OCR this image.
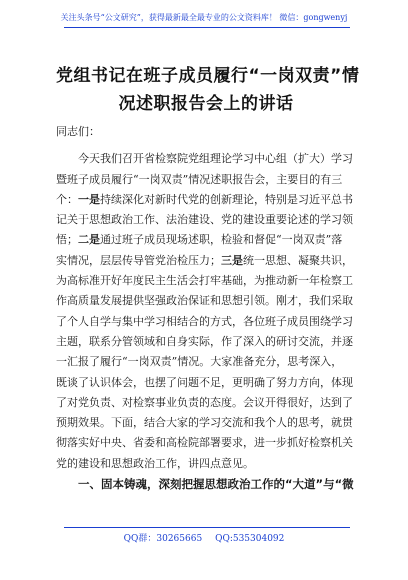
关注头条号“公文研究”，获得最新最全最专业的公文资料库！ 微信：gongwenyj
党组书记在班子成员履行“一岗双责”情
况述职报告会上的讲话
同志们：
今天我们召开省检察院党组理论学习中心组（扩大）学习
暨班子成员履行“一岗双责”情况述职报告会，主要目的有三
个：一是持续深化对新时代党的创新理论，特别是习近平总书
记关于思想政治工作、法治建设、党的建设重要论述的学习领
悟；二是通过班子成员现场述职，检验和督促“一岗双责”落
实情况，层层传导管党治检压力；三是统一思想、凝聚共识，
为高标准开好年度民主生活会打牢基础，为推动新一年检察工
作高质量发展提供坚强政治保证和思想引领。刚才，我们采取
了个人自学与集中学习相结合的方式，各位班子成员围绕学习
主题，联系分管领域和自身实际，作了深入的研讨交流，并逐
一汇报了履行“一岗双责”情况。大家准备充分，思考深入，
既谈了认识体会，也摆了问题不足，更明确了努力方向，体现
了对党负责、对检察事业负责的态度。会议开得很好，达到了
预期效果。下面，结合大家的学习交流和我个人的思考，就贯
彻落实好中央、省委和高检院部署要求，进一步抓好检察机关
党的建设和思想政治工作，讲四点意见。
一、固本铸魂，深刻把握思想政治工作的“大道”与“微
QQ群：30265665 QQ:535304092
